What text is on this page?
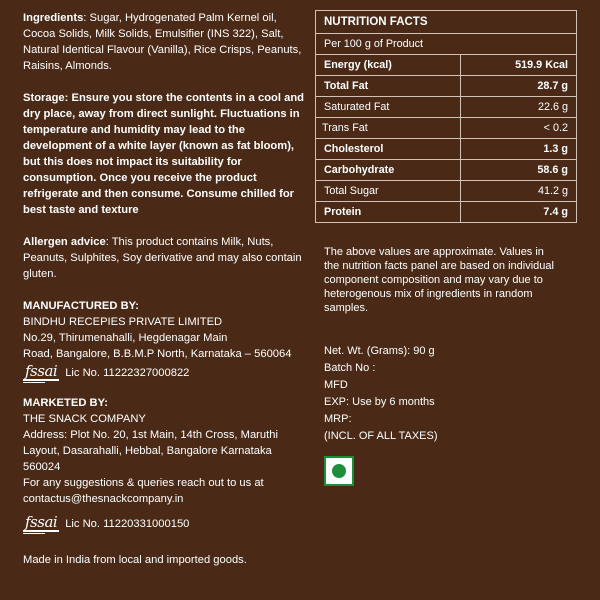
Ingredients: Sugar, Hydrogenated Palm Kernel oil, Cocoa Solids, Milk Solids, Emulsifier (INS 322), Salt, Natural Identical Flavour (Vanilla), Rice Crisps, Peanuts, Raisins, Almonds.

Storage: Ensure you store the contents in a cool and dry place, away from direct sunlight. Fluctuations in temperature and humidity may lead to the development of a white layer (known as fat bloom), but this does not impact its suitability for consumption. Once you receive the product refrigerate and then consume. Consume chilled for best taste and texture

Allergen advice: This product contains Milk, Nuts, Peanuts, Sulphites, Soy derivative and may also contain gluten.

MANUFACTURED BY:

BINDHU RECEPIES PRIVATE LIMITED

No.29, Thirumenahalli, Hegdenagar Main

Road, Bangalore, B.B.M.P North, Karnataka – 560064

fssai Lic No. 11222327000822

MARKETED BY:

THE SNACK COMPANY

Address: Plot No. 20, 1st Main, 14th Cross, Maruthi Layout, Dasarahalli, Hebbal, Bangalore Karnataka 560024

For any suggestions & queries reach out to us at

contactus@thesnackcompany.in

fssai Lic No. 11220331000150

Made in India from local and imported goods.

NUTRITION FACTS	
Per 100 g of Product	
Energy (kcal)	519.9 Kcal
Total Fat	28.7 g
Saturated Fat	22.6 g
Trans Fat	< 0.2
Cholesterol	1.3 g
Carbohydrate	58.6 g
Total Sugar	41.2 g
Protein	7.4 g

The above values are approximate. Values in the nutrition facts panel are based on individual component composition and may vary due to heterogenous mix of ingredients in random samples.

Net. Wt. (Grams): 90 g
Batch No :
MFD
EXP: Use by 6 months
MRP:
(INCL. OF ALL TAXES)
